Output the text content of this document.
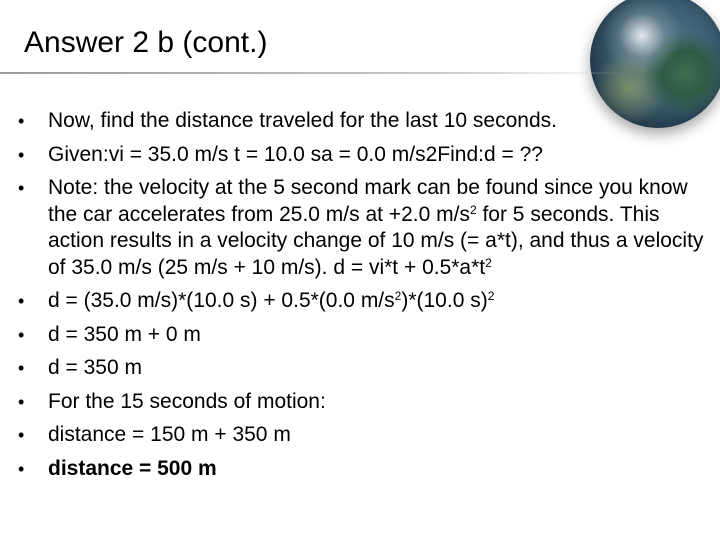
Answer 2 b (cont.)
• Now, find the distance traveled for the last 10 seconds.
• Given:vi = 35.0 m/s t = 10.0 sa = 0.0 m/s2Find:d = ??
• Note: the velocity at the 5 second mark can be found since you know the car accelerates from 25.0 m/s at +2.0 $m/s^2$ for 5 seconds. This action results in a velocity change of 10 m/s (= a*t), and thus a velocity of 35.0 m/s (25 m/s + 10 m/s). $d = vi*t + 0.5*a*t^2$
• d = (35.0 m/s)*(10.0 s) + 0.5*(0.0 $m/s^2)*(10.0$ s)$^2$
• d = 350 m + 0 m
• d = 350 m
• For the 15 seconds of motion:
• distance = 150 m + 350 m
• distance = 500 m
